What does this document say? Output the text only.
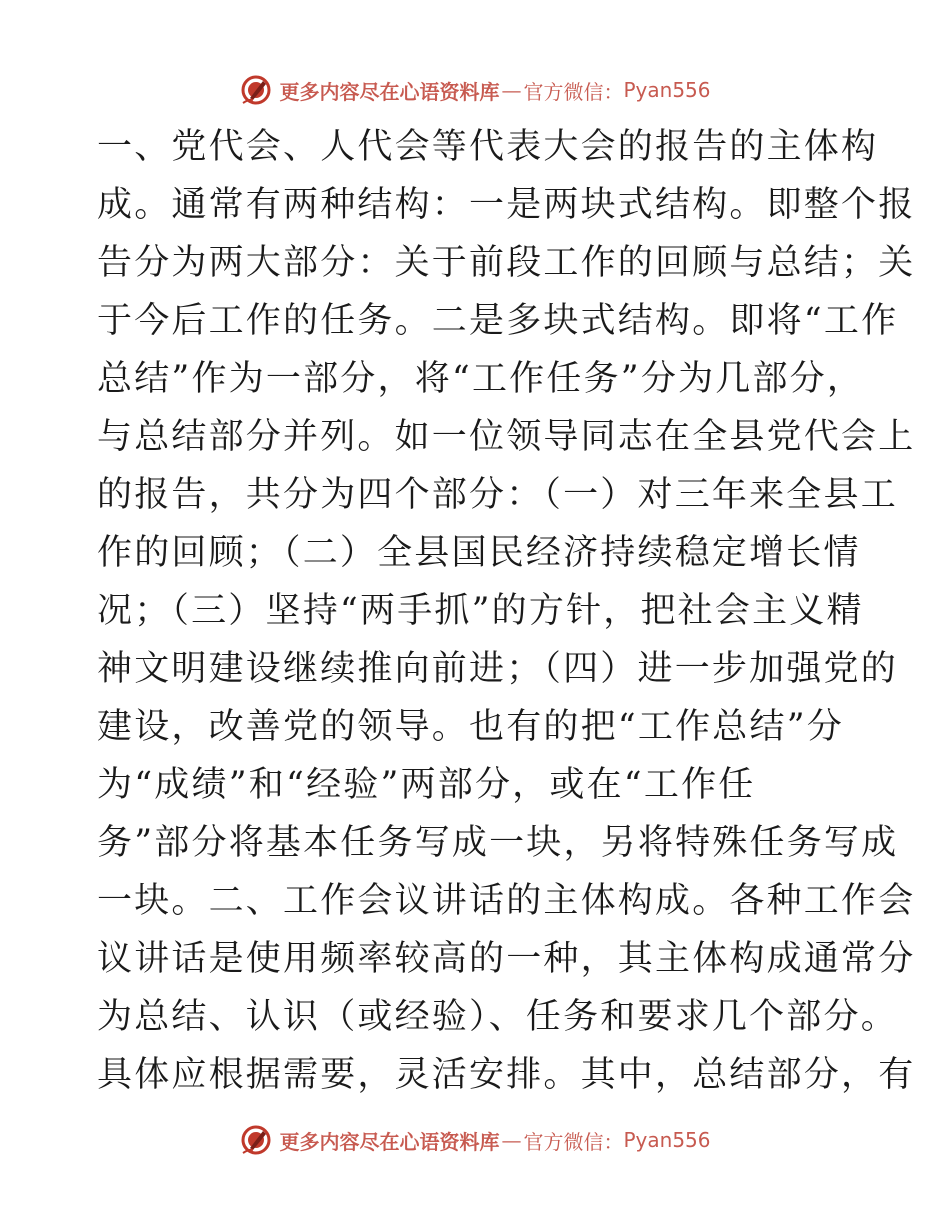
更多内容尽在心语资料库 — 官方微信： Pyan556
一、党代会、人代会等代表大会的报告的主体构
成。通常有两种结构：一是两块式结构。即整个报
告分为两大部分：关于前段工作的回顾与总结；关
于今后工作的任务。二是多块式结构。即将“工作
总结”作为一部分，将“工作任务”分为几部分，
与总结部分并列。如一位领导同志在全县党代会上
的报告，共分为四个部分：（一）对三年来全县工
作的回顾；（二）全县国民经济持续稳定增长情
况；（三）坚持“两手抓”的方针，把社会主义精
神文明建设继续推向前进；（四）进一步加强党的
建设，改善党的领导。也有的把“工作总结”分
为“成绩”和“经验”两部分，或在“工作任
务”部分将基本任务写成一块，另将特殊任务写成
一块。二、工作会议讲话的主体构成。各种工作会
议讲话是使用频率较高的一种，其主体构成通常分
为总结、认识（或经验）、任务和要求几个部分。
具体应根据需要，灵活安排。其中，总结部分，有
更多内容尽在心语资料库 — 官方微信： Pyan556
